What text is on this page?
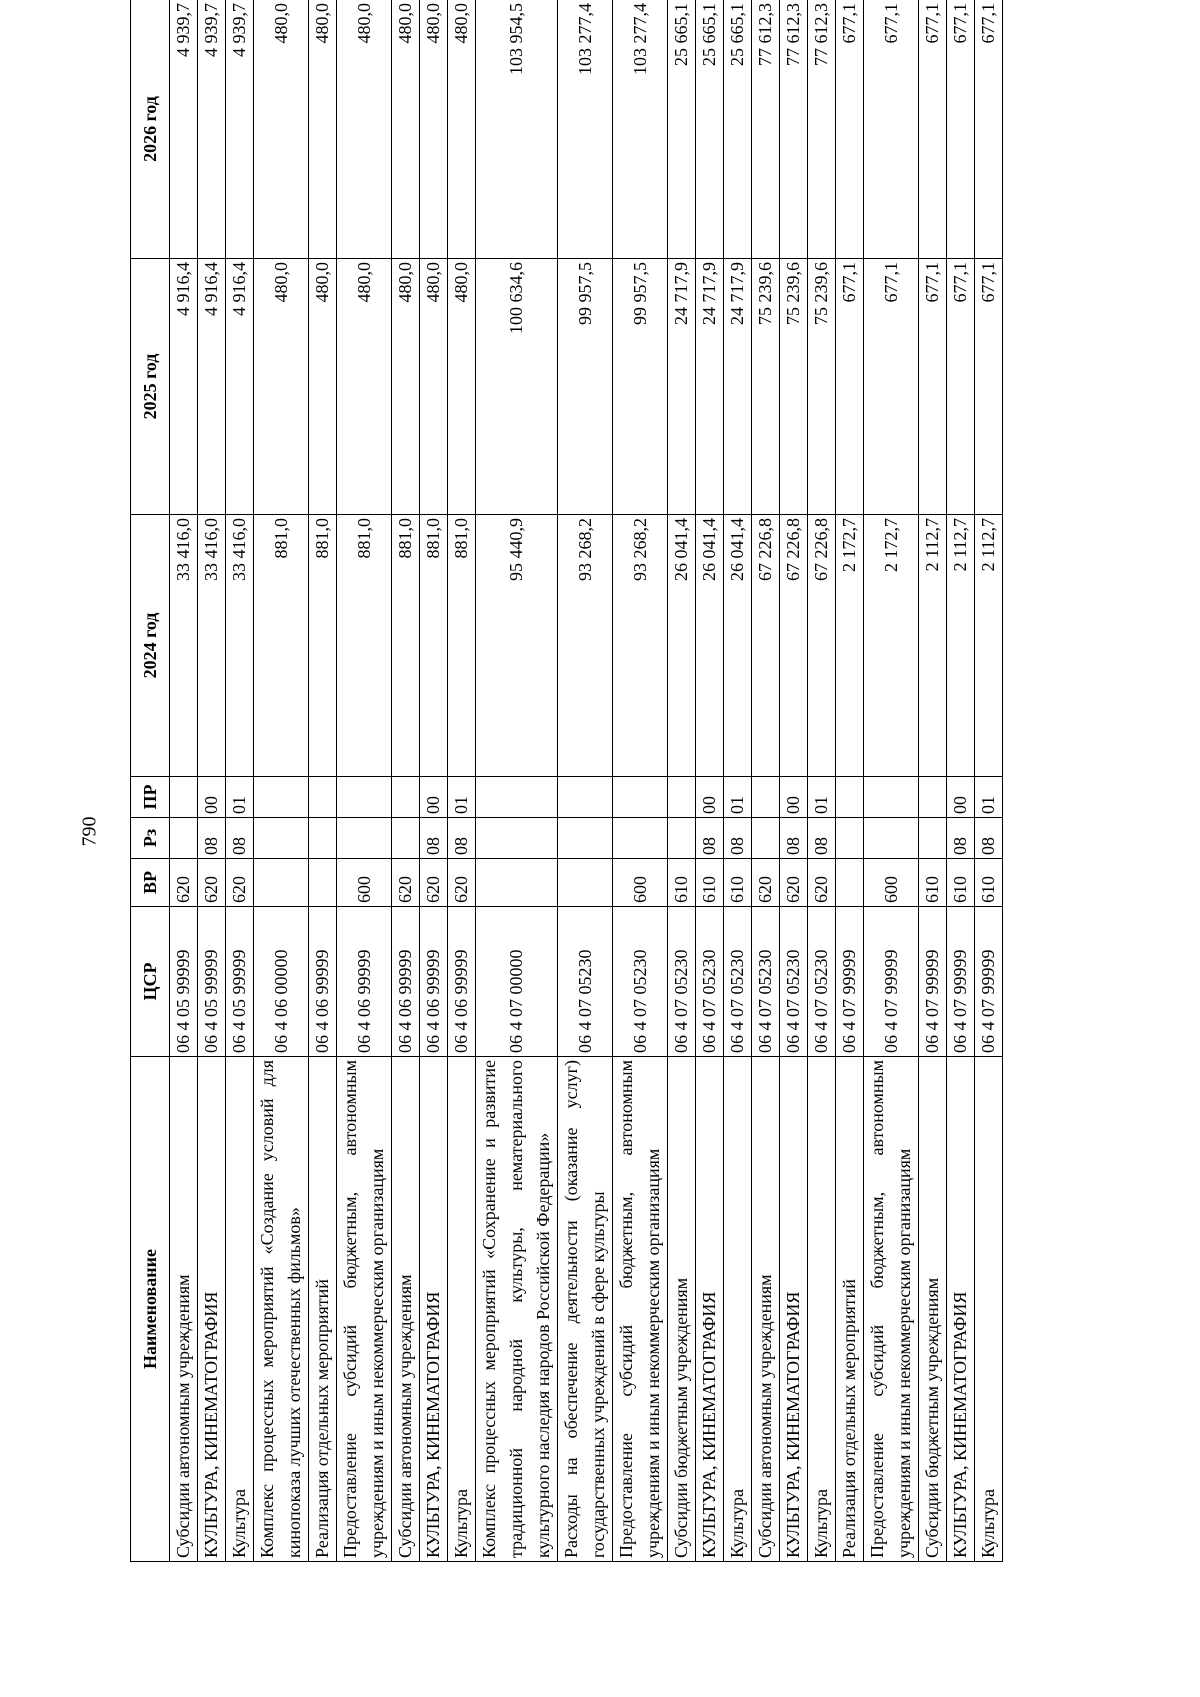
790
Наименование	ЦСР	ВР	Рз	ПР	2024 год	2025 год	2026 год
Субсидии автономным учреждениям	06 4 05 99999	620			33 416,0	4 916,4	4 939,7
КУЛЬТУРА, КИНЕМАТОГРАФИЯ	06 4 05 99999	620	08	00	33 416,0	4 916,4	4 939,7
Культура	06 4 05 99999	620	08	01	33 416,0	4 916,4	4 939,7
Комплекс процессных мероприятий «Создание условий для кинопоказа лучших отечественных фильмов»	06 4 06 00000				881,0	480,0	480,0
Реализация отдельных мероприятий	06 4 06 99999				881,0	480,0	480,0
Предоставление субсидий бюджетным, автономным учреждениям и иным некоммерческим организациям	06 4 06 99999	600			881,0	480,0	480,0
Субсидии автономным учреждениям	06 4 06 99999	620			881,0	480,0	480,0
КУЛЬТУРА, КИНЕМАТОГРАФИЯ	06 4 06 99999	620	08	00	881,0	480,0	480,0
Культура	06 4 06 99999	620	08	01	881,0	480,0	480,0
Комплекс процессных мероприятий «Сохранение и развитие традиционной народной культуры, нематериального культурного наследия народов Российской Федерации»	06 4 07 00000				95 440,9	100 634,6	103 954,5
Расходы на обеспечение деятельности (оказание услуг) государственных учреждений в сфере культуры	06 4 07 05230				93 268,2	99 957,5	103 277,4
Предоставление субсидий бюджетным, автономным учреждениям и иным некоммерческим организациям	06 4 07 05230	600			93 268,2	99 957,5	103 277,4
Субсидии бюджетным учреждениям	06 4 07 05230	610			26 041,4	24 717,9	25 665,1
КУЛЬТУРА, КИНЕМАТОГРАФИЯ	06 4 07 05230	610	08	00	26 041,4	24 717,9	25 665,1
Культура	06 4 07 05230	610	08	01	26 041,4	24 717,9	25 665,1
Субсидии автономным учреждениям	06 4 07 05230	620			67 226,8	75 239,6	77 612,3
КУЛЬТУРА, КИНЕМАТОГРАФИЯ	06 4 07 05230	620	08	00	67 226,8	75 239,6	77 612,3
Культура	06 4 07 05230	620	08	01	67 226,8	75 239,6	77 612,3
Реализация отдельных мероприятий	06 4 07 99999				2 172,7	677,1	677,1
Предоставление субсидий бюджетным, автономным учреждениям и иным некоммерческим организациям	06 4 07 99999	600			2 172,7	677,1	677,1
Субсидии бюджетным учреждениям	06 4 07 99999	610			2 112,7	677,1	677,1
КУЛЬТУРА, КИНЕМАТОГРАФИЯ	06 4 07 99999	610	08	00	2 112,7	677,1	677,1
Культура	06 4 07 99999	610	08	01	2 112,7	677,1	677,1
